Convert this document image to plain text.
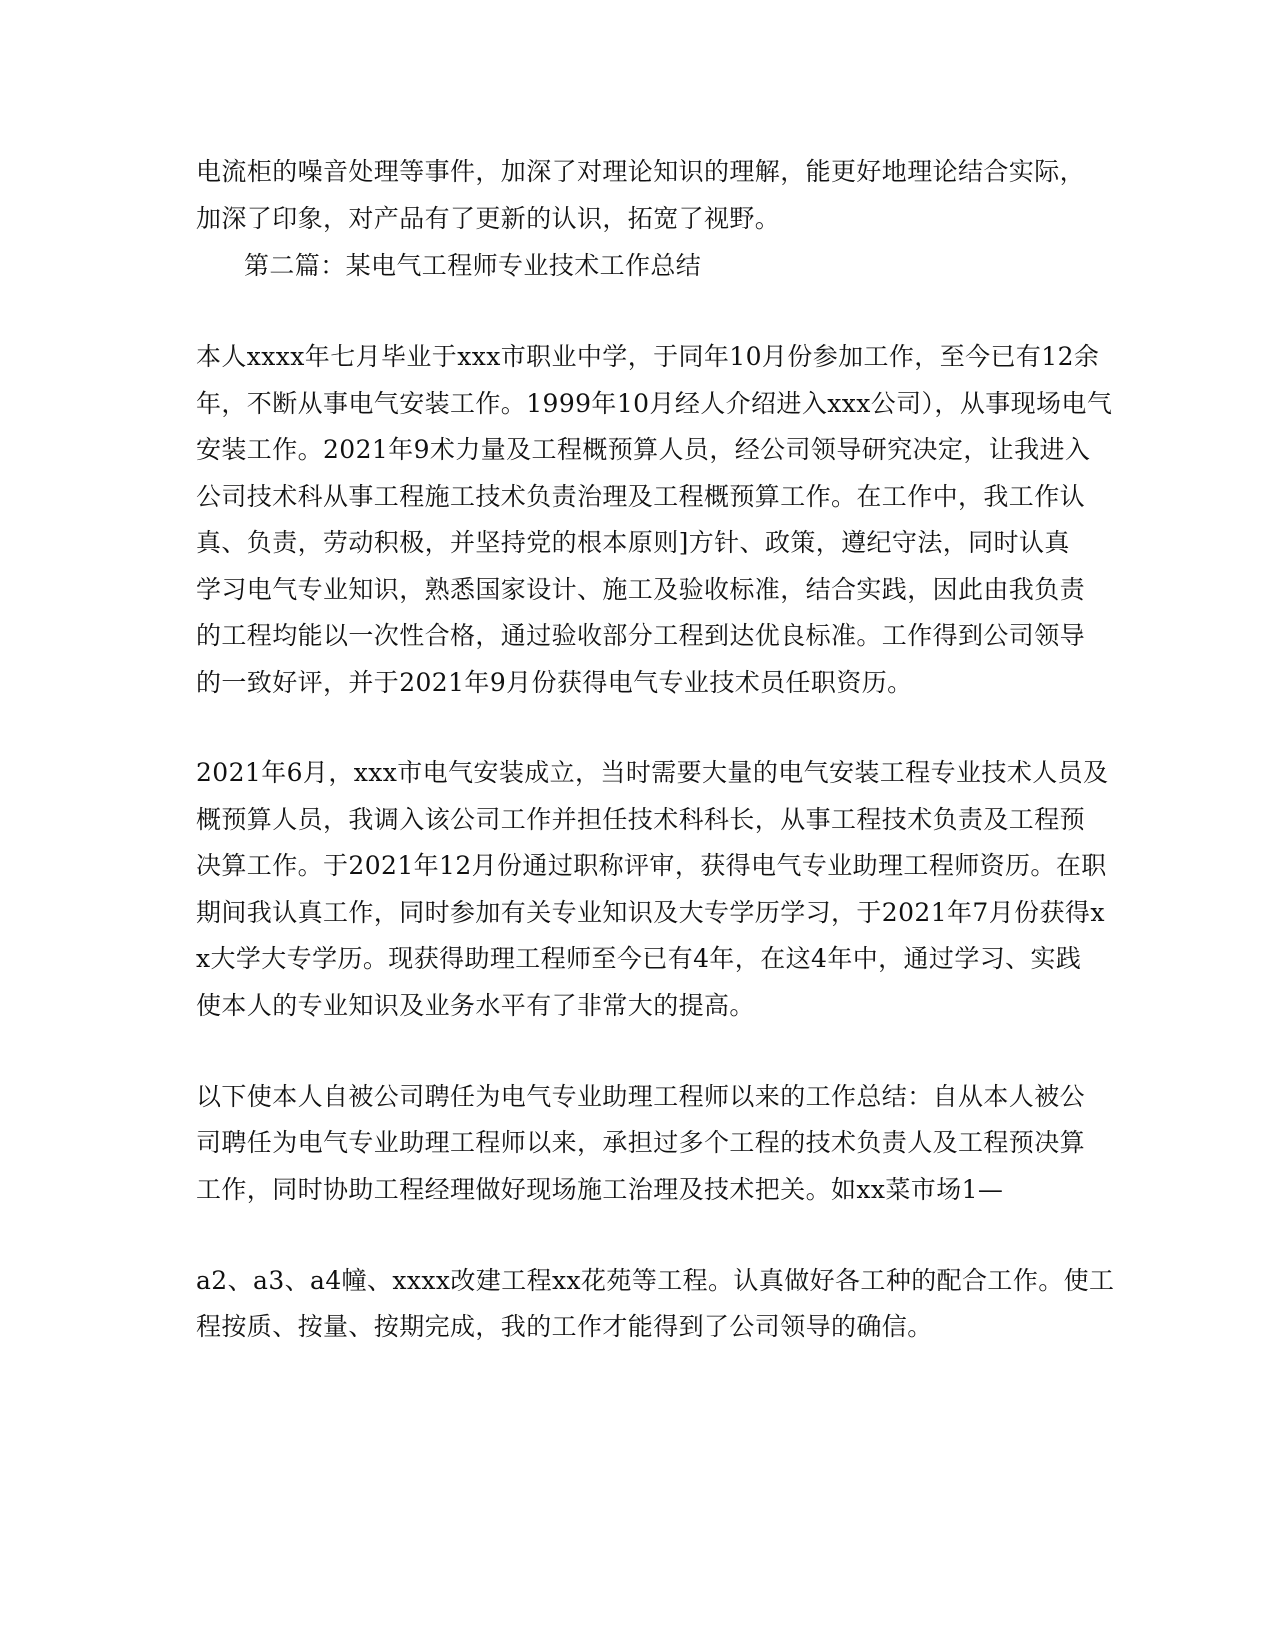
电流柜的噪音处理等事件，加深了对理论知识的理解，能更好地理论结合实际，
加深了印象，对产品有了更新的认识，拓宽了视野。
第二篇：某电气工程师专业技术工作总结
本人xxxx年七月毕业于xxx市职业中学，于同年10月份参加工作，至今已有12余
年，不断从事电气安装工作。1999年10月经人介绍进入xxx公司），从事现场电气
安装工作。2021年9术力量及工程概预算人员，经公司领导研究决定，让我进入
公司技术科从事工程施工技术负责治理及工程概预算工作。在工作中，我工作认
真、负责，劳动积极，并坚持党的根本原则]方针、政策，遵纪守法，同时认真
学习电气专业知识，熟悉国家设计、施工及验收标准，结合实践，因此由我负责
的工程均能以一次性合格，通过验收部分工程到达优良标准。工作得到公司领导
的一致好评，并于2021年9月份获得电气专业技术员任职资历。
2021年6月，xxx市电气安装成立，当时需要大量的电气安装工程专业技术人员及
概预算人员，我调入该公司工作并担任技术科科长，从事工程技术负责及工程预
决算工作。于2021年12月份通过职称评审，获得电气专业助理工程师资历。在职
期间我认真工作，同时参加有关专业知识及大专学历学习，于2021年7月份获得x
x大学大专学历。现获得助理工程师至今已有4年，在这4年中，通过学习、实践
使本人的专业知识及业务水平有了非常大的提高。
以下使本人自被公司聘任为电气专业助理工程师以来的工作总结：自从本人被公
司聘任为电气专业助理工程师以来，承担过多个工程的技术负责人及工程预决算
工作，同时协助工程经理做好现场施工治理及技术把关。如xx菜市场1—
a2、a3、a4幢、xxxx改建工程xx花苑等工程。认真做好各工种的配合工作。使工
程按质、按量、按期完成，我的工作才能得到了公司领导的确信。
